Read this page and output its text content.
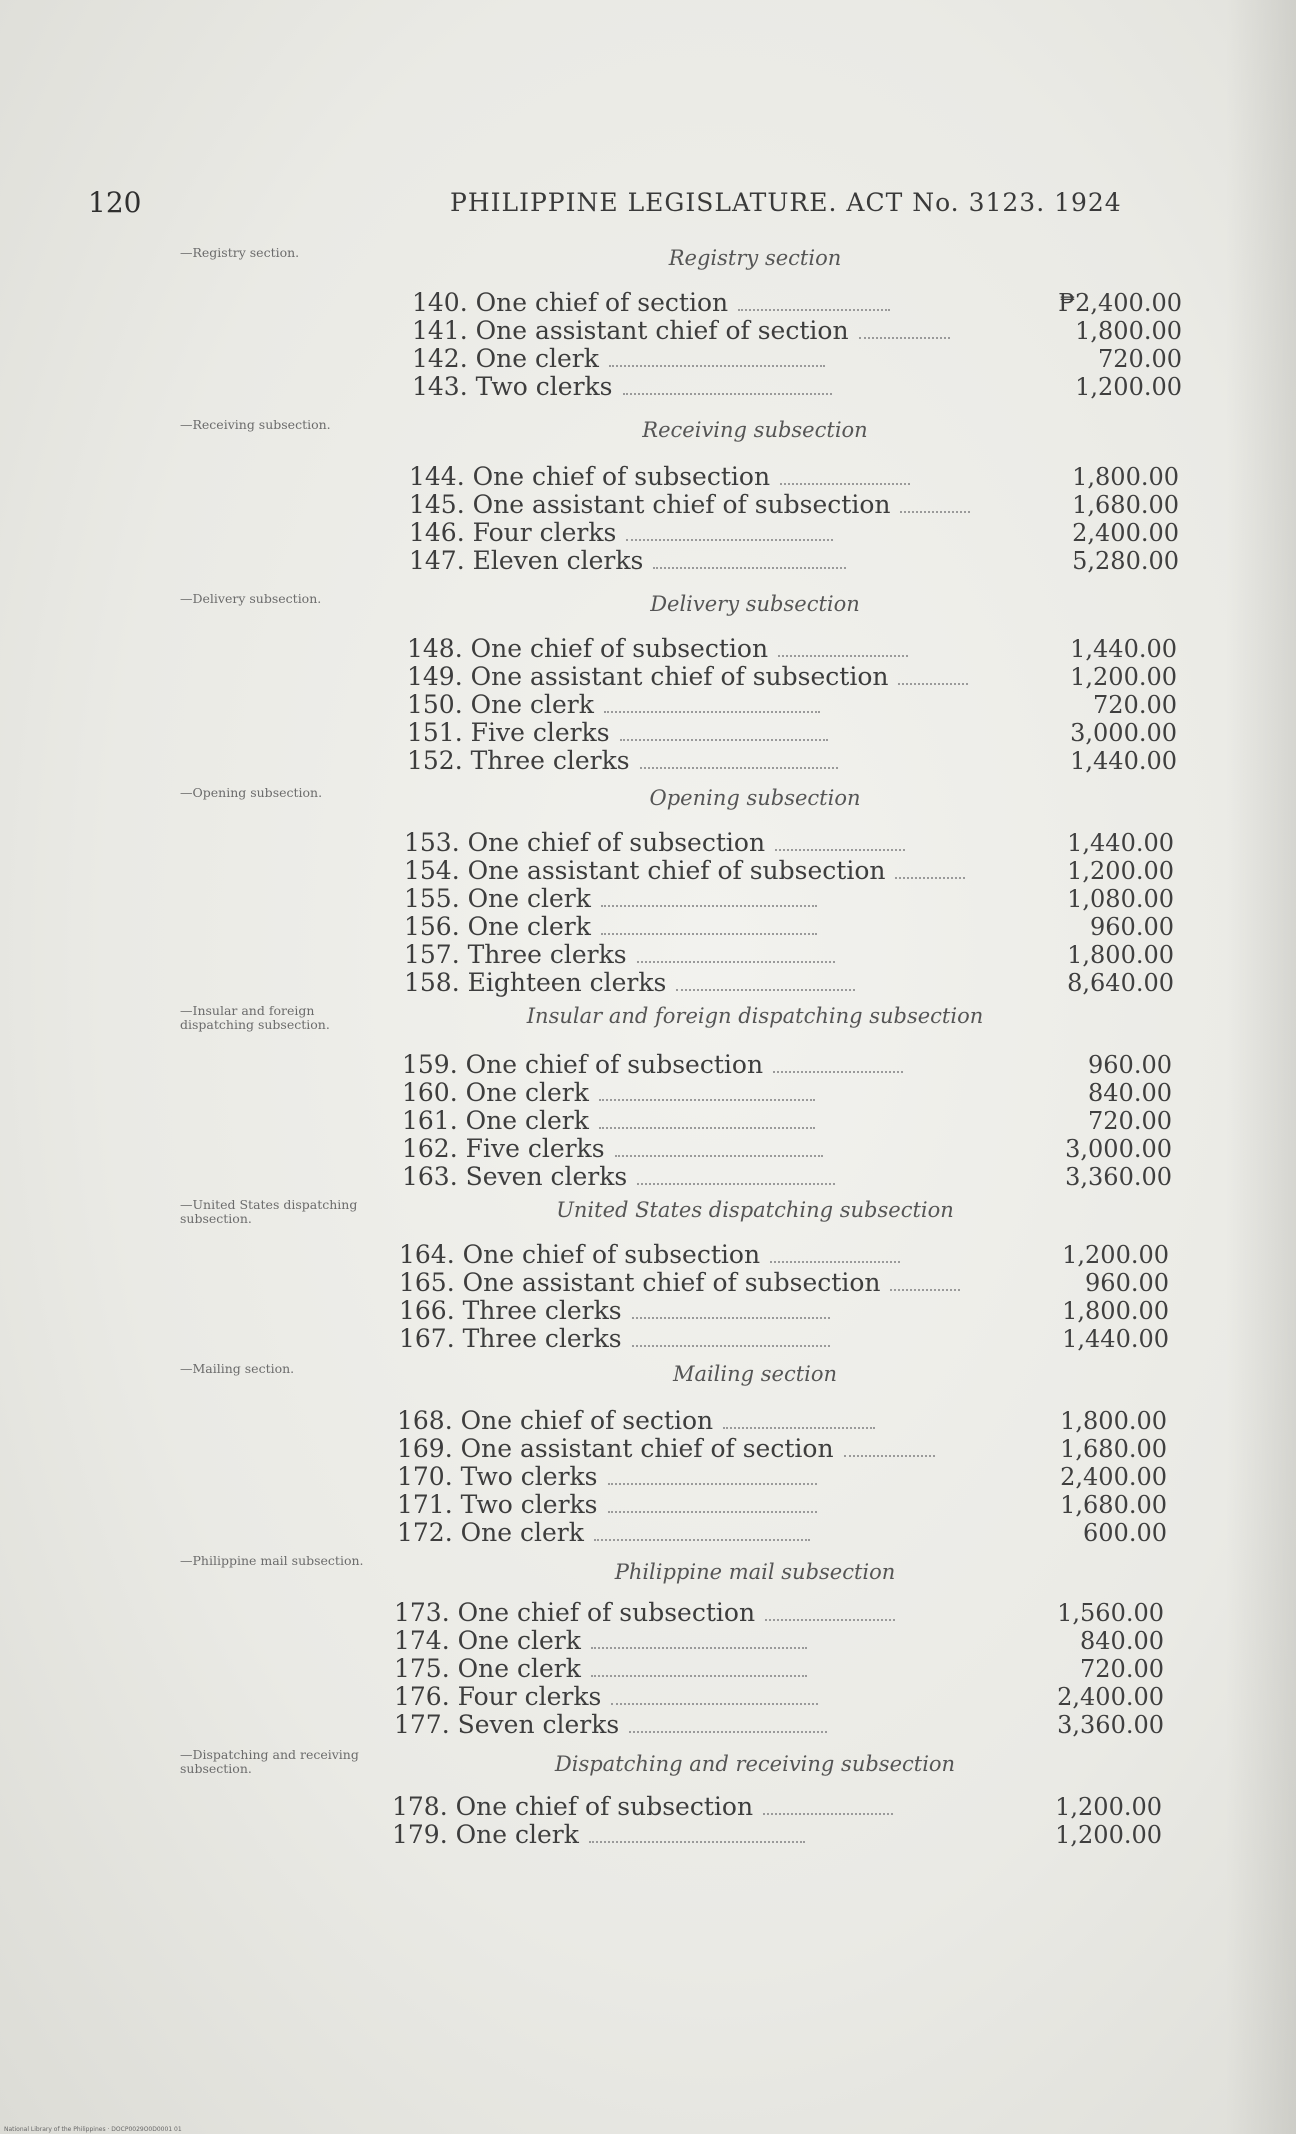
120	PHILIPPINE LEGISLATURE. ACT No. 3123. 1924
—Registry section.	Registry section
140. One chief of section	₱2,400.00
141. One assistant chief of section	1,800.00
142. One clerk	720.00
143. Two clerks	1,200.00
—Receiving subsection.	Receiving subsection
144. One chief of subsection	1,800.00
145. One assistant chief of subsection	1,680.00
146. Four clerks	2,400.00
147. Eleven clerks	5,280.00
—Delivery subsection.	Delivery subsection
148. One chief of subsection	1,440.00
149. One assistant chief of subsection	1,200.00
150. One clerk	720.00
151. Five clerks	3,000.00
152. Three clerks	1,440.00
—Opening subsection.	Opening subsection
153. One chief of subsection	1,440.00
154. One assistant chief of subsection	1,200.00
155. One clerk	1,080.00
156. One clerk	960.00
157. Three clerks	1,800.00
158. Eighteen clerks	8,640.00
—Insular and foreign dispatching subsection.	Insular and foreign dispatching subsection
159. One chief of subsection	960.00
160. One clerk	840.00
161. One clerk	720.00
162. Five clerks	3,000.00
163. Seven clerks	3,360.00
—United States dispatching subsection.	United States dispatching subsection
164. One chief of subsection	1,200.00
165. One assistant chief of subsection	960.00
166. Three clerks	1,800.00
167. Three clerks	1,440.00
—Mailing section.	Mailing section
168. One chief of section	1,800.00
169. One assistant chief of section	1,680.00
170. Two clerks	2,400.00
171. Two clerks	1,680.00
172. One clerk	600.00
—Philippine mail subsection.	Philippine mail subsection
173. One chief of subsection	1,560.00
174. One clerk	840.00
175. One clerk	720.00
176. Four clerks	2,400.00
177. Seven clerks	3,360.00
—Dispatching and receiving subsection.	Dispatching and receiving subsection
178. One chief of subsection	1,200.00
179. One clerk	1,200.00
National Library of the Philippines · DOCP0029O0D0001 01
